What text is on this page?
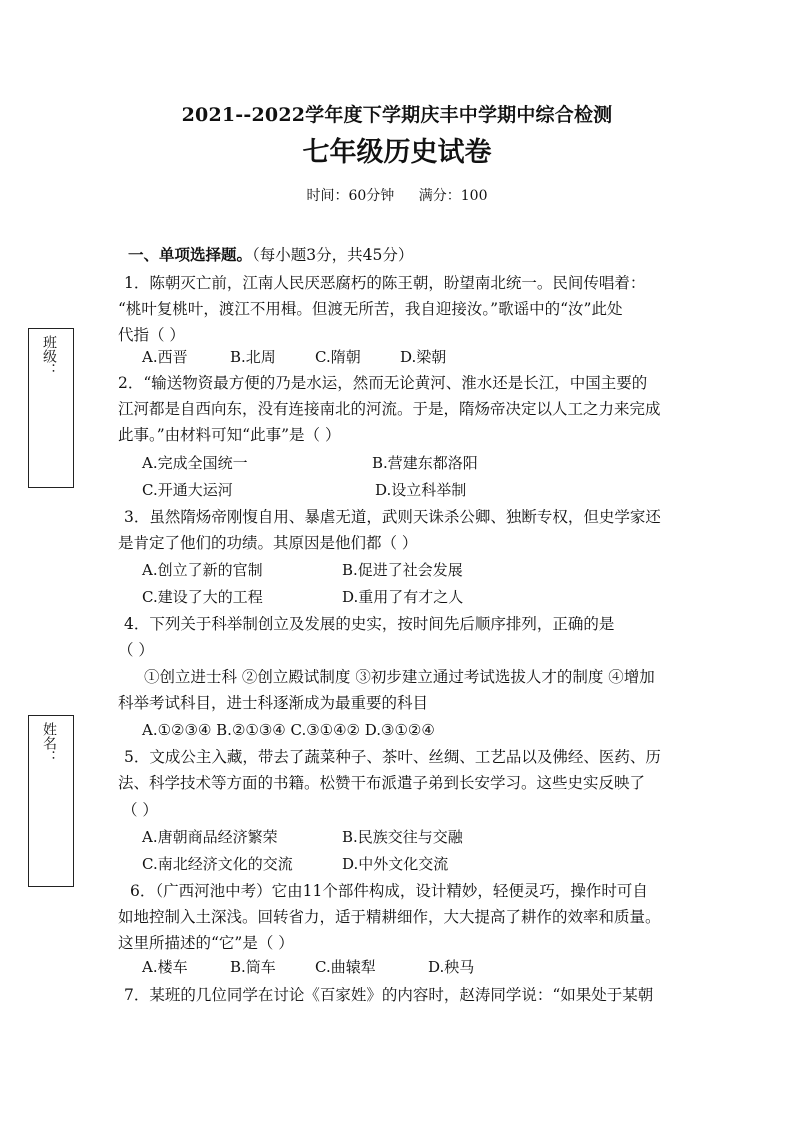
班级：
姓名：
2021--2022学年度下学期庆丰中学期中综合检测
七年级历史试卷
时间：60分钟 满分：100
一、单项选择题。（每小题3分，共45分）
1．陈朝灭亡前，江南人民厌恶腐朽的陈王朝，盼望南北统一。民间传唱着：
“桃叶复桃叶，渡江不用楫。但渡无所苦，我自迎接汝。”歌谣中的“汝”此处
代指（ ）
A.西晋	B.北周	C.隋朝	D.梁朝
2．“输送物资最方便的乃是水运，然而无论黄河、淮水还是长江，中国主要的
江河都是自西向东，没有连接南北的河流。于是，隋炀帝决定以人工之力来完成
此事。”由材料可知“此事”是（ ）
A.完成全国统一	B.营建东都洛阳
C.开通大运河	D.设立科举制
3．虽然隋炀帝刚愎自用、暴虐无道，武则天诛杀公卿、独断专权，但史学家还
是肯定了他们的功绩。其原因是他们都（ ）
A.创立了新的官制	B.促进了社会发展
C.建设了大的工程	D.重用了有才之人
4．下列关于科举制创立及发展的史实，按时间先后顺序排列，正确的是
（ ）
①创立进士科 ②创立殿试制度 ③初步建立通过考试选拔人才的制度 ④增加
科举考试科目，进士科逐渐成为最重要的科目
A.①②③④ B.②①③④ C.③①④② D.③①②④
5．文成公主入藏，带去了蔬菜种子、茶叶、丝绸、工艺品以及佛经、医药、历
法、科学技术等方面的书籍。松赞干布派遣子弟到长安学习。这些史实反映了
（ ）
A.唐朝商品经济繁荣	B.民族交往与交融
C.南北经济文化的交流	D.中外文化交流
6．（广西河池中考）它由11个部件构成，设计精妙，轻便灵巧，操作时可自
如地控制入土深浅。回转省力，适于精耕细作，大大提高了耕作的效率和质量。
这里所描述的“它”是（ ）
A.楼车	B.筒车	C.曲辕犁	D.秧马
7．某班的几位同学在讨论《百家姓》的内容时，赵涛同学说：“如果处于某朝
